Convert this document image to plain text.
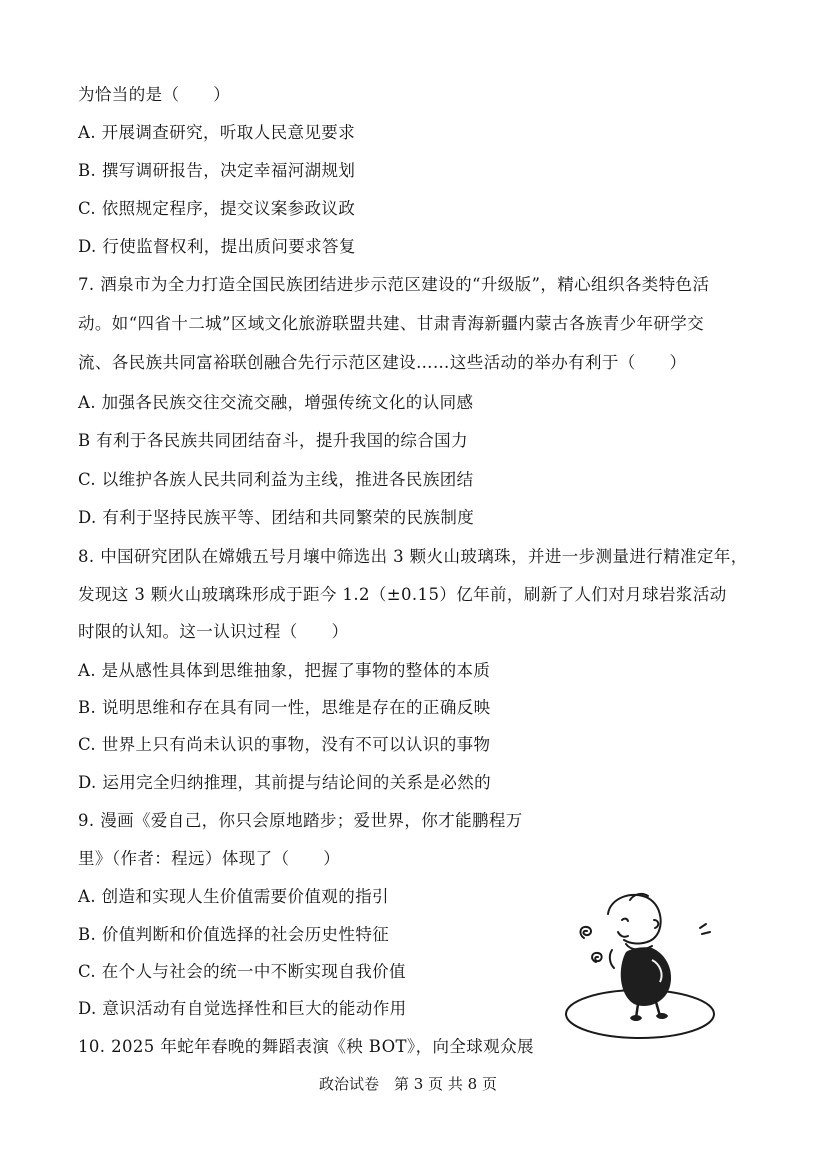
为恰当的是（　　）
A. 开展调查研究，听取人民意见要求
B. 撰写调研报告，决定幸福河湖规划
C. 依照规定程序，提交议案参政议政
D. 行使监督权利，提出质问要求答复
7. 酒泉市为全力打造全国民族团结进步示范区建设的“升级版”，精心组织各类特色活
动。如“四省十二城”区域文化旅游联盟共建、甘肃青海新疆内蒙古各族青少年研学交
流、各民族共同富裕联创融合先行示范区建设……这些活动的举办有利于（　　）
A. 加强各民族交往交流交融，增强传统文化的认同感
B 有利于各民族共同团结奋斗，提升我国的综合国力
C. 以维护各族人民共同利益为主线，推进各民族团结
D. 有利于坚持民族平等、团结和共同繁荣的民族制度
8. 中国研究团队在嫦娥五号月壤中筛选出 3 颗火山玻璃珠，并进一步测量进行精准定年，
发现这 3 颗火山玻璃珠形成于距今 1.2（±0.15）亿年前，刷新了人们对月球岩浆活动
时限的认知。这一认识过程（　　）
A. 是从感性具体到思维抽象，把握了事物的整体的本质
B. 说明思维和存在具有同一性，思维是存在的正确反映
C. 世界上只有尚未认识的事物，没有不可以认识的事物
D. 运用完全归纳推理，其前提与结论间的关系是必然的
9. 漫画《爱自己，你只会原地踏步；爱世界，你才能鹏程万
里》（作者：程远）体现了（　　）
A. 创造和实现人生价值需要价值观的指引
B. 价值判断和价值选择的社会历史性特征
C. 在个人与社会的统一中不断实现自我价值
D. 意识活动有自觉选择性和巨大的能动作用
10. 2025 年蛇年春晚的舞蹈表演《秧 BOT》，向全球观众展
政治试卷　第 3 页 共 8 页
